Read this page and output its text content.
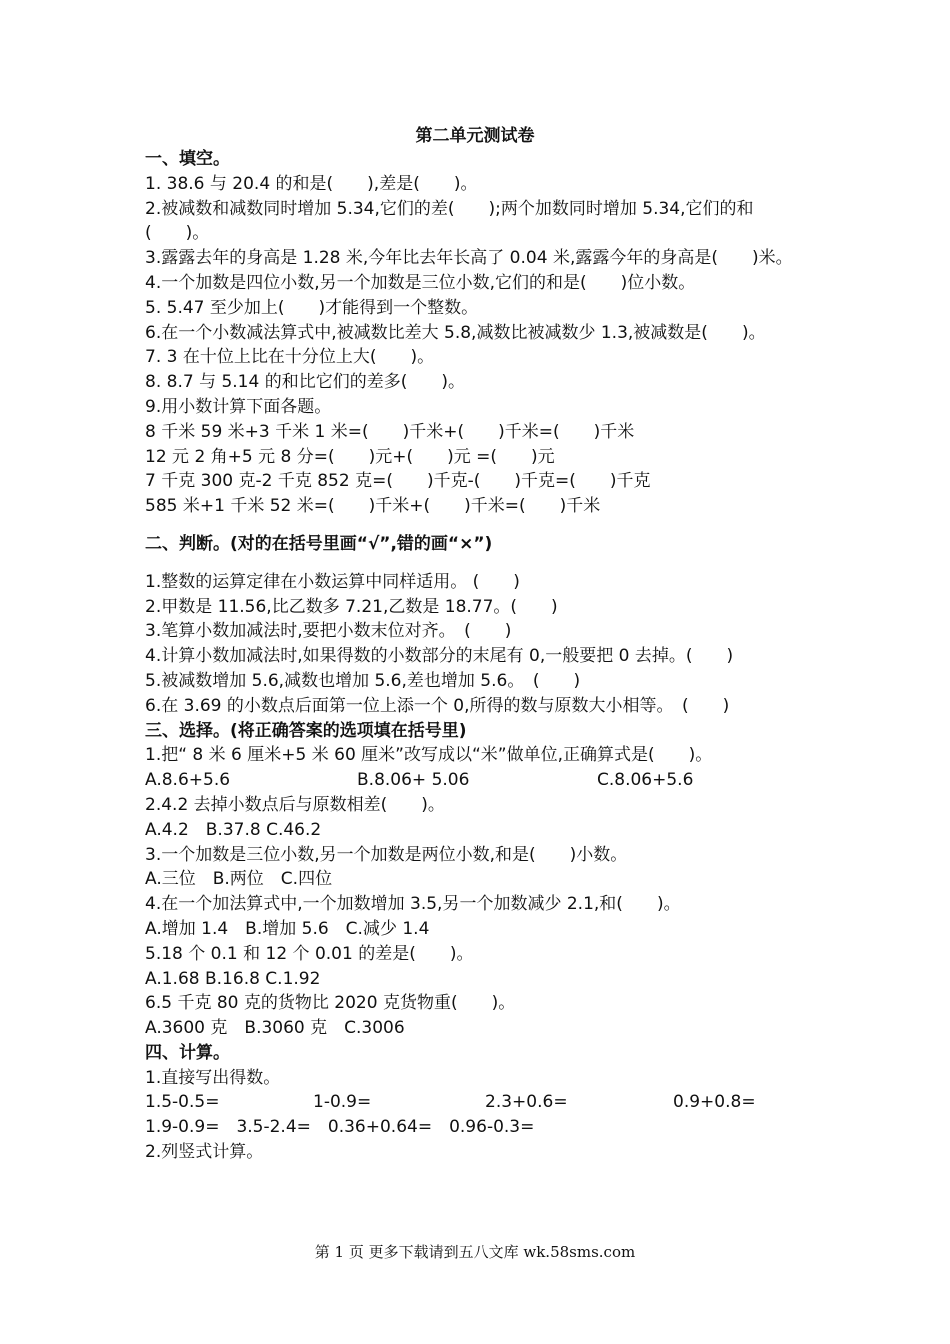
第二单元测试卷
一、填空。
1. 38.6 与 20.4 的和是(　　),差是(　　)。
2.被减数和减数同时增加 5.34,它们的差(　　);两个加数同时增加 5.34,它们的和(　　)。
3.露露去年的身高是 1.28 米,今年比去年长高了 0.04 米,露露今年的身高是(　　)米。
4.一个加数是四位小数,另一个加数是三位小数,它们的和是(　　)位小数。
5. 5.47 至少加上(　　)才能得到一个整数。
6.在一个小数减法算式中,被减数比差大 5.8,减数比被减数少 1.3,被减数是(　　)。
7. 3 在十位上比在十分位上大(　　)。
8. 8.7 与 5.14 的和比它们的差多(　　)。
9.用小数计算下面各题。
8 千米 59 米+3 千米 1 米=(　　)千米+(　　)千米=(　　)千米
12 元 2 角+5 元 8 分=(　　)元+(　　)元 =(　　)元
7 千克 300 克-2 千克 852 克=(　　)千克-(　　)千克=(　　)千克
585 米+1 千米 52 米=(　　)千米+(　　)千米=(　　)千米
二、判断。(对的在括号里画“√”,错的画“×”)
1.整数的运算定律在小数运算中同样适用。 (　　)
2.甲数是 11.56,比乙数多 7.21,乙数是 18.77。(　　)
3.笔算小数加减法时,要把小数末位对齐。　(　　)
4.计算小数加减法时,如果得数的小数部分的末尾有 0,一般要把 0 去掉。(　　)
5.被减数增加 5.6,减数也增加 5.6,差也增加 5.6。　(　　)
6.在 3.69 的小数点后面第一位上添一个 0,所得的数与原数大小相等。　(　　)
三、选择。(将正确答案的选项填在括号里)
1.把“ 8 米 6 厘米+5 米 60 厘米”改写成以“米”做单位,正确算式是(　　)。
A.8.6+5.6	B.8.06+ 5.06	C.8.06+5.6
2.4.2 去掉小数点后与原数相差(　　)。
A.4.2　B.37.8 C.46.2
3.一个加数是三位小数,另一个加数是两位小数,和是(　　)小数。
A.三位　B.两位　C.四位
4.在一个加法算式中,一个加数增加 3.5,另一个加数减少 2.1,和(　　)。
A.增加 1.4　B.增加 5.6　C.减少 1.4
5.18 个 0.1 和 12 个 0.01 的差是(　　)。
A.1.68 B.16.8 C.1.92
6.5 千克 80 克的货物比 2020 克货物重(　　)。
A.3600 克　B.3060 克　C.3006
四、计算。
1.直接写出得数。
1.5-0.5=	1-0.9=	2.3+0.6=	0.9+0.8=
1.9-0.9=　3.5-2.4=　0.36+0.64=　0.96-0.3=
2.列竖式计算。
第 1 页 更多下载请到五八文库 wk.58sms.com
